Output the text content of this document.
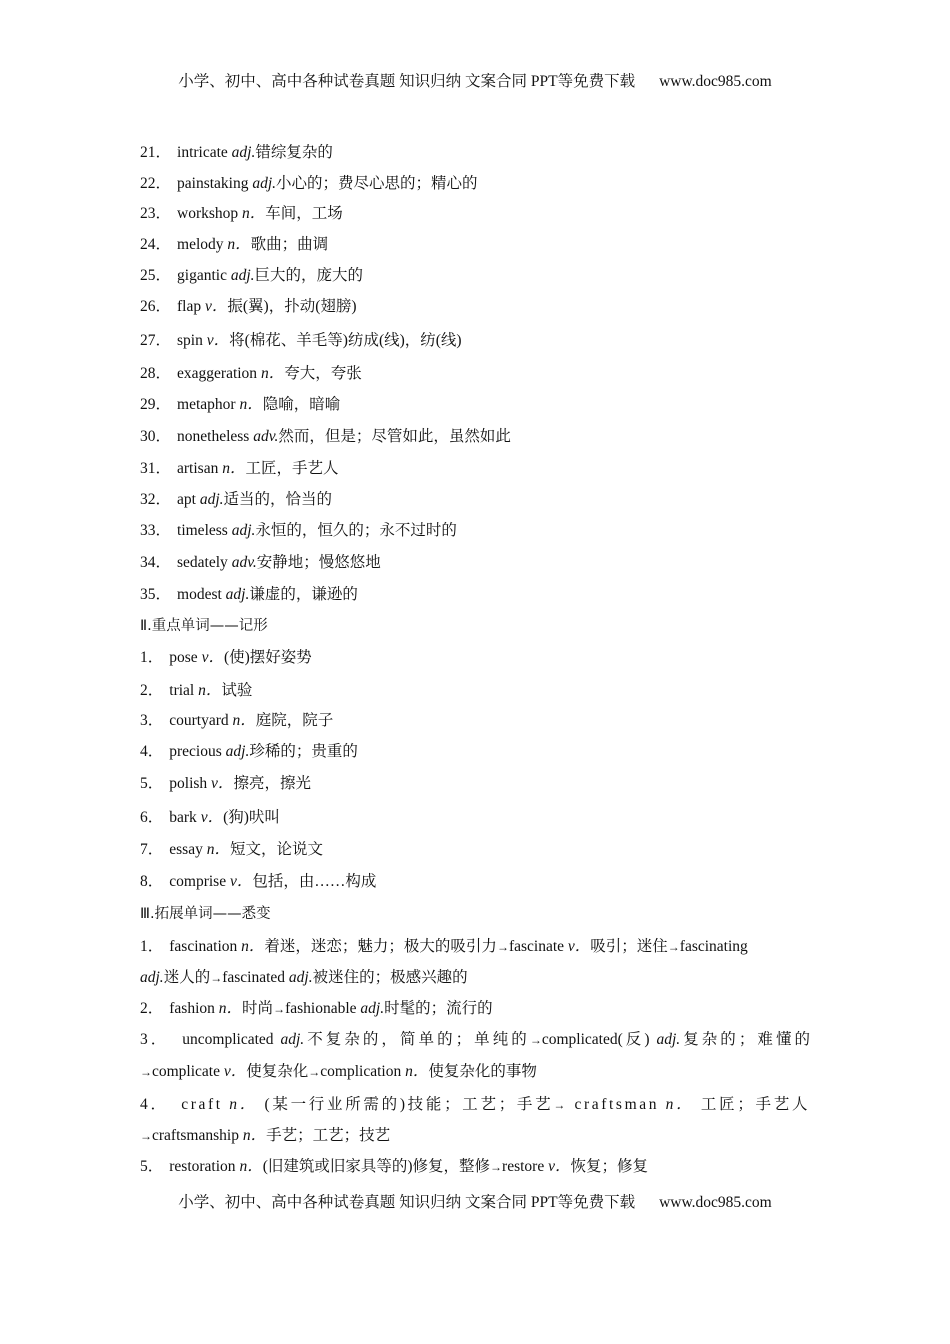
小学、初中、高中各种试卷真题 知识归纳 文案合同 PPT等免费下载 www.doc985.com
21． intricate adj.错综复杂的
22． painstaking adj.小心的；费尽心思的；精心的
23． workshop n．车间，工场
24． melody n．歌曲；曲调
25． gigantic adj.巨大的，庞大的
26． flap v．振(翼)，扑动(翅膀)
27． spin v．将(棉花、羊毛等)纺成(线)，纺(线)
28． exaggeration n．夸大，夸张
29． metaphor n．隐喻，暗喻
30． nonetheless adv.然而，但是；尽管如此，虽然如此
31． artisan n．工匠，手艺人
32． apt adj.适当的，恰当的
33． timeless adj.永恒的，恒久的；永不过时的
34． sedately adv.安静地；慢悠悠地
35． modest adj.谦虚的，谦逊的
Ⅱ.重点单词——记形
1． pose v．(使)摆好姿势
2． trial n．试验
3． courtyard n．庭院，院子
4． precious adj.珍稀的；贵重的
5． polish v．擦亮，擦光
6． bark v．(狗)吠叫
7． essay n．短文，论说文
8． comprise v．包括，由……构成
Ⅲ.拓展单词——悉变
1． fascination n．着迷，迷恋；魅力；极大的吸引力→fascinate v．吸引；迷住→fascinating
adj.迷人的→fascinated adj.被迷住的；极感兴趣的
2． fashion n．时尚→fashionable adj.时髦的；流行的
3． uncomplicated adj.不复杂的，简单的；单纯的→complicated(反) adj.复杂的；难懂的
→complicate v．使复杂化→complication n．使复杂化的事物
4． craft n． (某一行业所需的)技能；工艺；手艺→ craftsman n． 工匠；手艺人
→craftsmanship n．手艺；工艺；技艺
5． restoration n．(旧建筑或旧家具等的)修复，整修→restore v．恢复；修复
小学、初中、高中各种试卷真题 知识归纳 文案合同 PPT等免费下载 www.doc985.com
